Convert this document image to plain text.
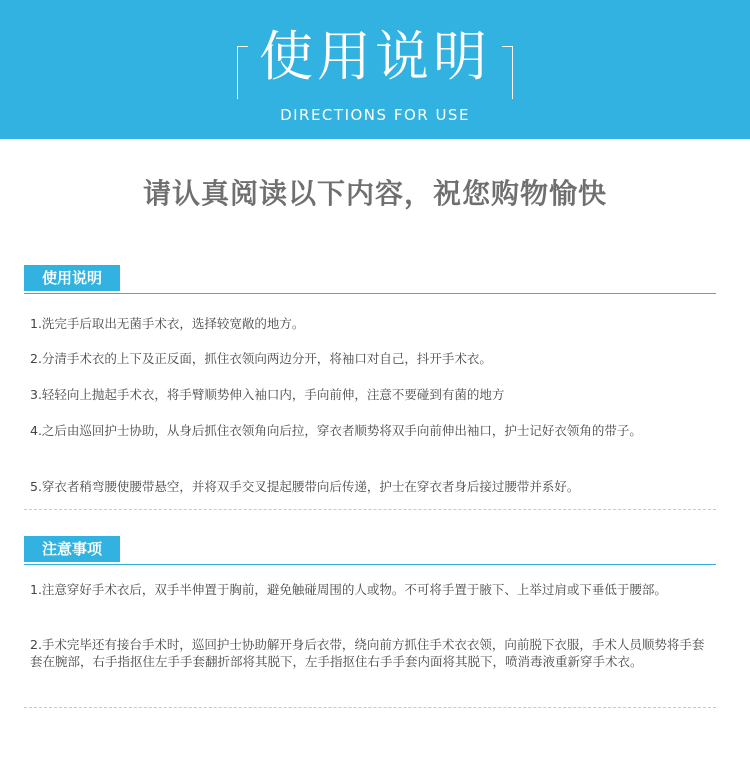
使用说明
DIRECTIONS FOR USE
请认真阅读以下内容，祝您购物愉快
使用说明
1.洗完手后取出无菌手术衣，选择较宽敞的地方。
2.分清手术衣的上下及正反面，抓住衣领向两边分开，将袖口对自己，抖开手术衣。
3.轻轻向上抛起手术衣，将手臂顺势伸入袖口内，手向前伸，注意不要碰到有菌的地方
4.之后由巡回护士协助，从身后抓住衣领角向后拉，穿衣者顺势将双手向前伸出袖口，护士记好衣领角的带子。
5.穿衣者稍弯腰使腰带悬空，并将双手交叉提起腰带向后传递，护士在穿衣者身后接过腰带并系好。
注意事项
1.注意穿好手术衣后，双手半伸置于胸前，避免触碰周围的人或物。不可将手置于腋下、上举过肩或下垂低于腰部。
2.手术完毕还有接台手术时，巡回护士协助解开身后衣带，绕向前方抓住手术衣衣领，向前脱下衣服，手术人员顺势将手套套在腕部，右手指抠住左手手套翻折部将其脱下，左手指抠住右手手套内面将其脱下，喷消毒液重新穿手术衣。
